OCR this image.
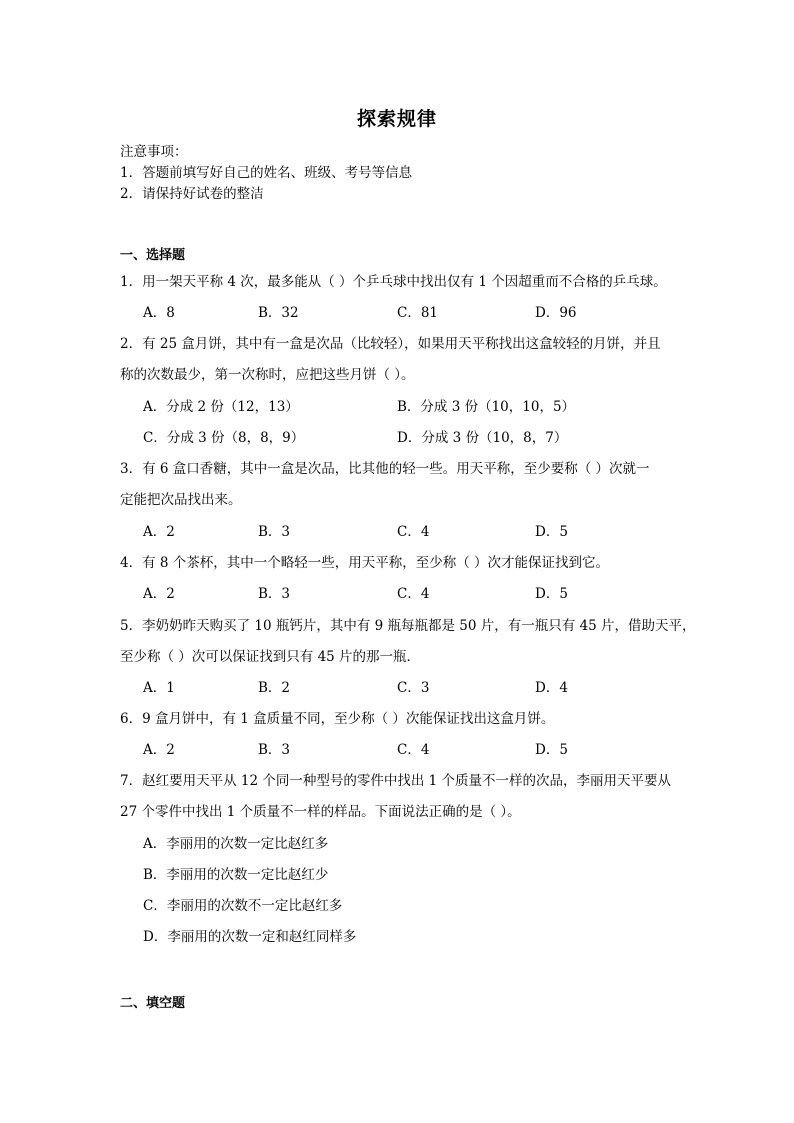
探索规律
注意事项：
1．答题前填写好自己的姓名、班级、考号等信息
2．请保持好试卷的整洁
一、选择题
1．用一架天平称 4 次，最多能从（ ）个乒乓球中找出仅有 1 个因超重而不合格的乒乓球。
A．8	B．32	C．81	D．96
2．有 25 盒月饼，其中有一盒是次品（比较轻），如果用天平称找出这盒较轻的月饼，并且
称的次数最少，第一次称时，应把这些月饼（ ）。
A．分成 2 份（12，13）	B．分成 3 份（10，10，5）
C．分成 3 份（8，8，9）	D．分成 3 份（10，8，7）
3．有 6 盒口香糖，其中一盒是次品，比其他的轻一些。用天平称，至少要称（ ）次就一
定能把次品找出来。
A．2	B．3	C．4	D．5
4．有 8 个茶杯，其中一个略轻一些，用天平称，至少称（ ）次才能保证找到它。
A．2	B．3	C．4	D．5
5．李奶奶昨天购买了 10 瓶钙片，其中有 9 瓶每瓶都是 50 片，有一瓶只有 45 片，借助天平，
至少称（ ）次可以保证找到只有 45 片的那一瓶．
A．1	B．2	C．3	D．4
6．9 盒月饼中，有 1 盒质量不同，至少称（ ）次能保证找出这盒月饼。
A．2	B．3	C．4	D．5
7．赵红要用天平从 12 个同一种型号的零件中找出 1 个质量不一样的次品，李丽用天平要从
27 个零件中找出 1 个质量不一样的样品。下面说法正确的是（ ）。
A．李丽用的次数一定比赵红多
B．李丽用的次数一定比赵红少
C．李丽用的次数不一定比赵红多
D．李丽用的次数一定和赵红同样多
二、填空题
